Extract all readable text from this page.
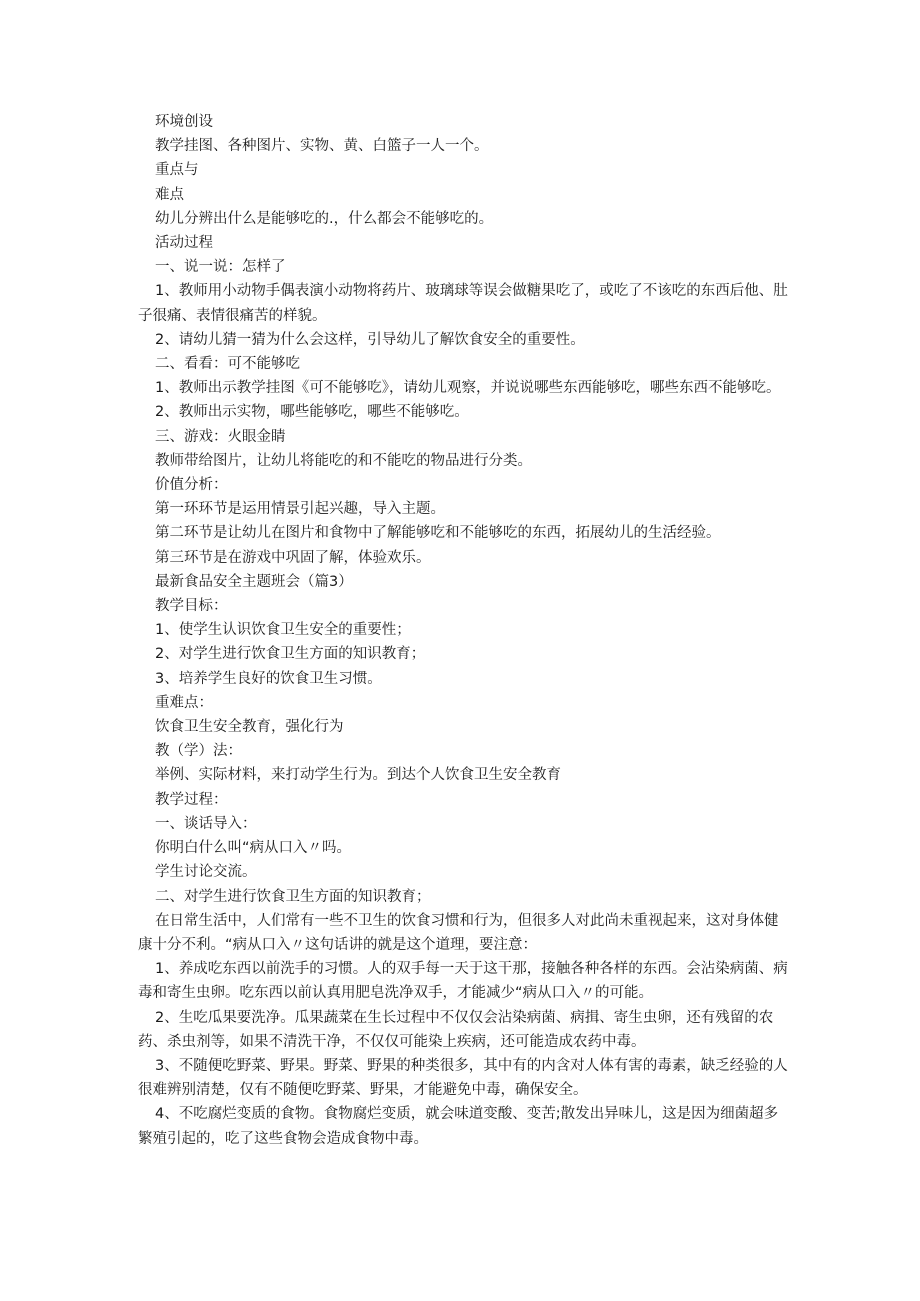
环境创设

教学挂图、各种图片、实物、黄、白篮子一人一个。

重点与

难点

幼儿分辨出什么是能够吃的.，什么都会不能够吃的。

活动过程

一、说一说：怎样了

1、教师用小动物手偶表演小动物将药片、玻璃球等误会做糖果吃了，或吃了不该吃的东西后他、肚子很痛、表情很痛苦的样貌。

2、请幼儿猜一猜为什么会这样，引导幼儿了解饮食安全的重要性。

二、看看：可不能够吃

1、教师出示教学挂图《可不能够吃》，请幼儿观察，并说说哪些东西能够吃，哪些东西不能够吃。

2、教师出示实物，哪些能够吃，哪些不能够吃。

三、游戏：火眼金睛

教师带给图片，让幼儿将能吃的和不能吃的物品进行分类。

价值分析：

第一环环节是运用情景引起兴趣，导入主题。

第二环节是让幼儿在图片和食物中了解能够吃和不能够吃的东西，拓展幼儿的生活经验。

第三环节是在游戏中巩固了解，体验欢乐。

最新食品安全主题班会（篇3）

教学目标：

1、使学生认识饮食卫生安全的重要性；

2、对学生进行饮食卫生方面的知识教育；

3、培养学生良好的饮食卫生习惯。

重难点：

饮食卫生安全教育，强化行为

教（学）法：

举例、实际材料，来打动学生行为。到达个人饮食卫生安全教育

教学过程：

一、谈话导入：

你明白什么叫“病从口入〃吗。

学生讨论交流。

二、对学生进行饮食卫生方面的知识教育；

在日常生活中，人们常有一些不卫生的饮食习惯和行为，但很多人对此尚未重视起来，这对身体健康十分不利。“病从口入〃这句话讲的就是这个道理，要注意：

1、养成吃东西以前洗手的习惯。人的双手每一天于这干那，接触各种各样的东西。会沾染病菌、病毒和寄生虫卵。吃东西以前认真用肥皂洗净双手，才能减少“病从口入〃的可能。

2、生吃瓜果要洗净。瓜果蔬菜在生长过程中不仅仅会沾染病菌、病揖、寄生虫卵，还有残留的农药、杀虫剂等，如果不清洗干净，不仅仅可能染上疾病，还可能造成农药中毒。

3、不随便吃野菜、野果。野菜、野果的种类很多，其中有的内含对人体有害的毒素，缺乏经验的人很难辨别清楚，仅有不随便吃野菜、野果，才能避免中毒，确保安全。

4、不吃腐烂变质的食物。食物腐烂变质，就会味道变酸、变苦;散发出异味儿，这是因为细菌超多繁殖引起的，吃了这些食物会造成食物中毒。
